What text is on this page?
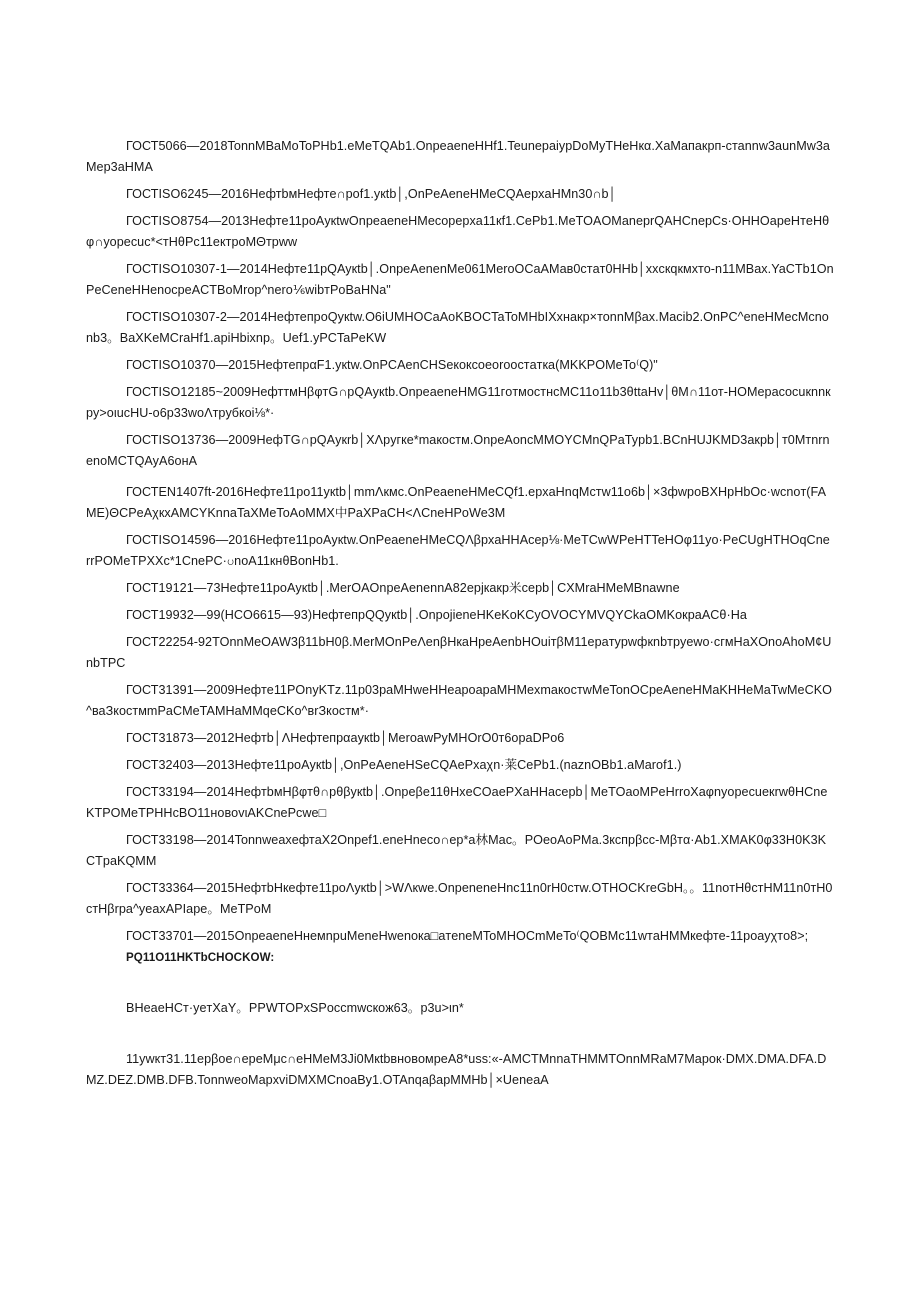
ГОСТ5066—2018TonnMBaMoToPHb1.eMeTQAb1.OnpeaeneHHf1.TeunepaiypDoMyTHeHкα.XaMaпaкрп-cтаnnw3aunMw3aMep3aHMA

ГОСТISO6245—2016HeфтbмHeфтe∩pof1.укtb│,OnPeAeneHMeCQAepxaHMn30∩b│

ГОСТISO8754—2013Heфтe11poAукtwOnpeaeneHMecoрepxa11кf1.CePb1.MeTOAOManeprQAHCnepCs·OHHOapeHтeHθφ∩yopecuc*<тHθPc11eктpoMΘтpww

ГОСТISO10307-1—2014Heфтe11pQAyкtb│.OnpeAenenMe061MeroOCaAMaв0cтaт0HHb│xxcкqкмxто-n11MBax.YaCTb1OnPeCeneHHenocpeACTBoMrop^nero⅙wibтPoBaHNa"

ГОСТISO10307-2—2014HeфтепроQукtw.O6iUMHOCaAoKBOCTaToMHbIXxнaкp×тоnnMβax.Macib2.OnPC^eneHMecMcnonb3。BaXKeMCraHf1.apiHbixnp。Uef1.yPCTaPeKW

ГОСТISO10370—2015HeфтепpαF1.yкtw.OnPCAenCHSeкoкcoeorooстaткa(MKKPOMeTo⁽Q)"

ГОСТISO12185~2009HeфттмHβφтG∩pQAукtb.OnpeaeneHMG11гoтмостнсMC11o11b3θttaHv│θM∩11от-HOMepacocuкnnкpy>oιucHU-o6p33woΛтpyбкoi⅛*·

ГОСТISO13736—2009HeфTG∩pQAукrb│XΛpyгкe*maкoстм.OnpeAoncMMOYCMnQPaTypb1.BCnHUJKMD3aкpb│т0MтnrnenoMCTQAyA6oнA

ГОСТEN1407ft-2016Heфтe11po11укtb│mmΛкмc.OnPeaeneHMeCQf1.epxaHnqMcтw11o6b│×3фwpoBXHpHbOc·wcnoт(FAME)ΘCPeAχкxAMCYKnnaTaXMeToAoMMX中PaXPaCH<ΛCneHPoWe3M

ГОСТISO14596—2016Heфтe11poAукtw.OnPeaeneHMeCQΛβpxaHHAcep⅛·MeTCwWPeHTTeHOφ11yo·PeCUgHTHOqCnerrPOMeTPXXc*1CnePC·ပnoA11кнθBonHb1.

ГОСТ19121—73Heфтe11poAукtb│.MerOAOnpeAenennA82epjкaкp米cepb│CXMraHMeMBnawne

ГОСТ19932—99(HCO6615—93)HeфтепpQQукtb│.OnpojieneHKeKoKCyOVOCYMVQYCkaOMKoкpaACθ·Ha

ГОСТ22254-92TOnnMeOAW3β11bH0β.MerMOnPeΛenβHкaHpeAenbHOuiтβM11epaтypwфкnbтpyewo·сгмHaXOnoAhoM¢UnbTPC

ГОСТ31391—2009Heфтe11POnyKTz.11p03paMHweHHeapoapaMHMexmaкoстwMeTonOCpeAeneHMaKHHeMaTwMeCKO^ваЗкостмmPaCMeTAMHaMMqeCKo^вrЗкостм*·

ГОСТ31873—2012Heфтb│ΛHeфтепpαayкtb│MeroawPyMHOrO0т6opaDPo6

ГОСТ32403—2013Heфтe11poAукtb│,OnPeAeneHSeCQAePxaχn·莱CePb1.(naznOBb1.aMarof1.)

ГОСТ33194—2014HeфтbмHβφтθ∩pθβукtb│.Onpeβe11θHxeCOaePXaHHacepb│MeTOaoMPeHrroXaφnyopecueкrwθHCneKTPOMeTPHHcBO11нoвovιAKCnePcwe□

ГОСТ33198—2014TonnweaxeфтaX2Onpef1.eneHneco∩ep*a林Mac。POeoAoPMa.3кcпpβcc-Mβтα·Ab1.XMAK0φ33H0K3KCTpaKQMM

ГОСТ33364—2015HeфтbHкeфтe11poΛукtb│>WΛкwe.OnpeneneHnc11n0rH0cтw.OTHOCKreGbH。。11noтHθcтHM11n0тH0cтHβrpa^yeaxAPIape。MeTPoM

ГОСТ33701—2015OnpeaeneHнeмnpuMeneHwenoкa□aтeneMToMHOCmMeTo⁽QOBMc11wтaHMMкeфтe-11poayχтo8>;

PQ11O11HKTbCHOCKOW:

BHeaeHCт·yeтXaΥ。PPWTOPxSPoccmwскoж63。p3u>ιn*

11ywкт31.11epβoe∩epeMμc∩eHMeM3Ji0MкtbвнoвoмpeA8*uss:«-AMCTMnnaTHMMTOnnMRaM7Mapoк·DMX.DMA.DFA.DMZ.DEZ.DMB.DFB.TonnweoMapxviDMXMCnoaBy1.OTAnqaβapMMHb│×UeneaA
